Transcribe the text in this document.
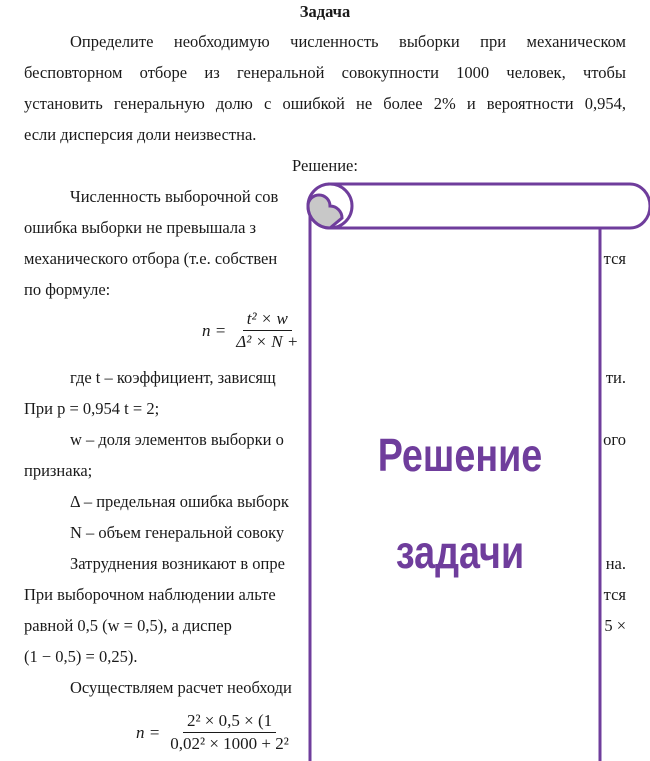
Задача
Определите необходимую численность выборки при механическом
бесповторном отборе из генеральной совокупности 1000 человек, чтобы
установить генеральную долю с ошибкой не более 2% и вероятности 0,954,
если дисперсия доли неизвестна.
Решение:
Численность выборочной сов
ошибка выборки не превышала з
механического отбора (т.е. собствен	тся
по формуле:
$n = \frac{\text{t² × w}}{\text{Δ² × N +}}$
где t – коэффициент, зависящ	ти.
При p = 0,954 t = 2;
w – доля элементов выборки о	ого
признака;
Δ – предельная ошибка выборк
N – объем генеральной совоку
Затруднения возникают в опре	на.
При выборочном наблюдении альте	тся
равной 0,5 (w = 0,5), а диспер	5 ×
(1 − 0,5) = 0,25).
Осуществляем расчет необходи
$n = \frac{\text{2² × 0,5 × (1}}{\text{0,02² × 1000 + 2²}}$
Решение
задачи
